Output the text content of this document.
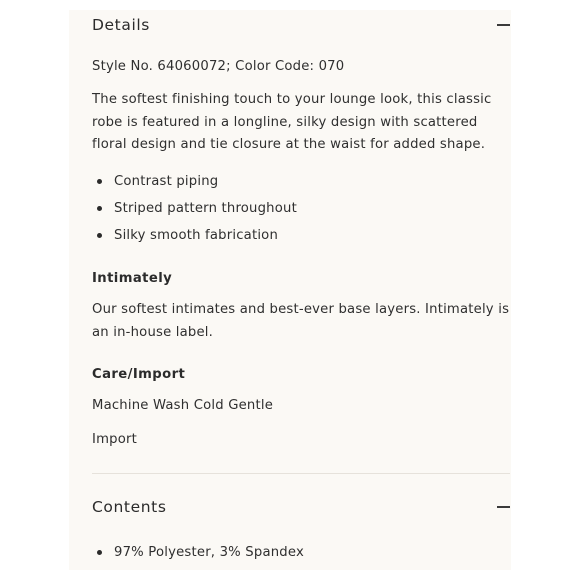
Details
Style No. 64060072; Color Code: 070
The softest finishing touch to your lounge look, this classic robe is featured in a longline, silky design with scattered floral design and tie closure at the waist for added shape.
Contrast piping
Striped pattern throughout
Silky smooth fabrication
Intimately
Our softest intimates and best-ever base layers. Intimately is an in-house label.
Care/Import
Machine Wash Cold Gentle
Import
Contents
97% Polyester, 3% Spandex
